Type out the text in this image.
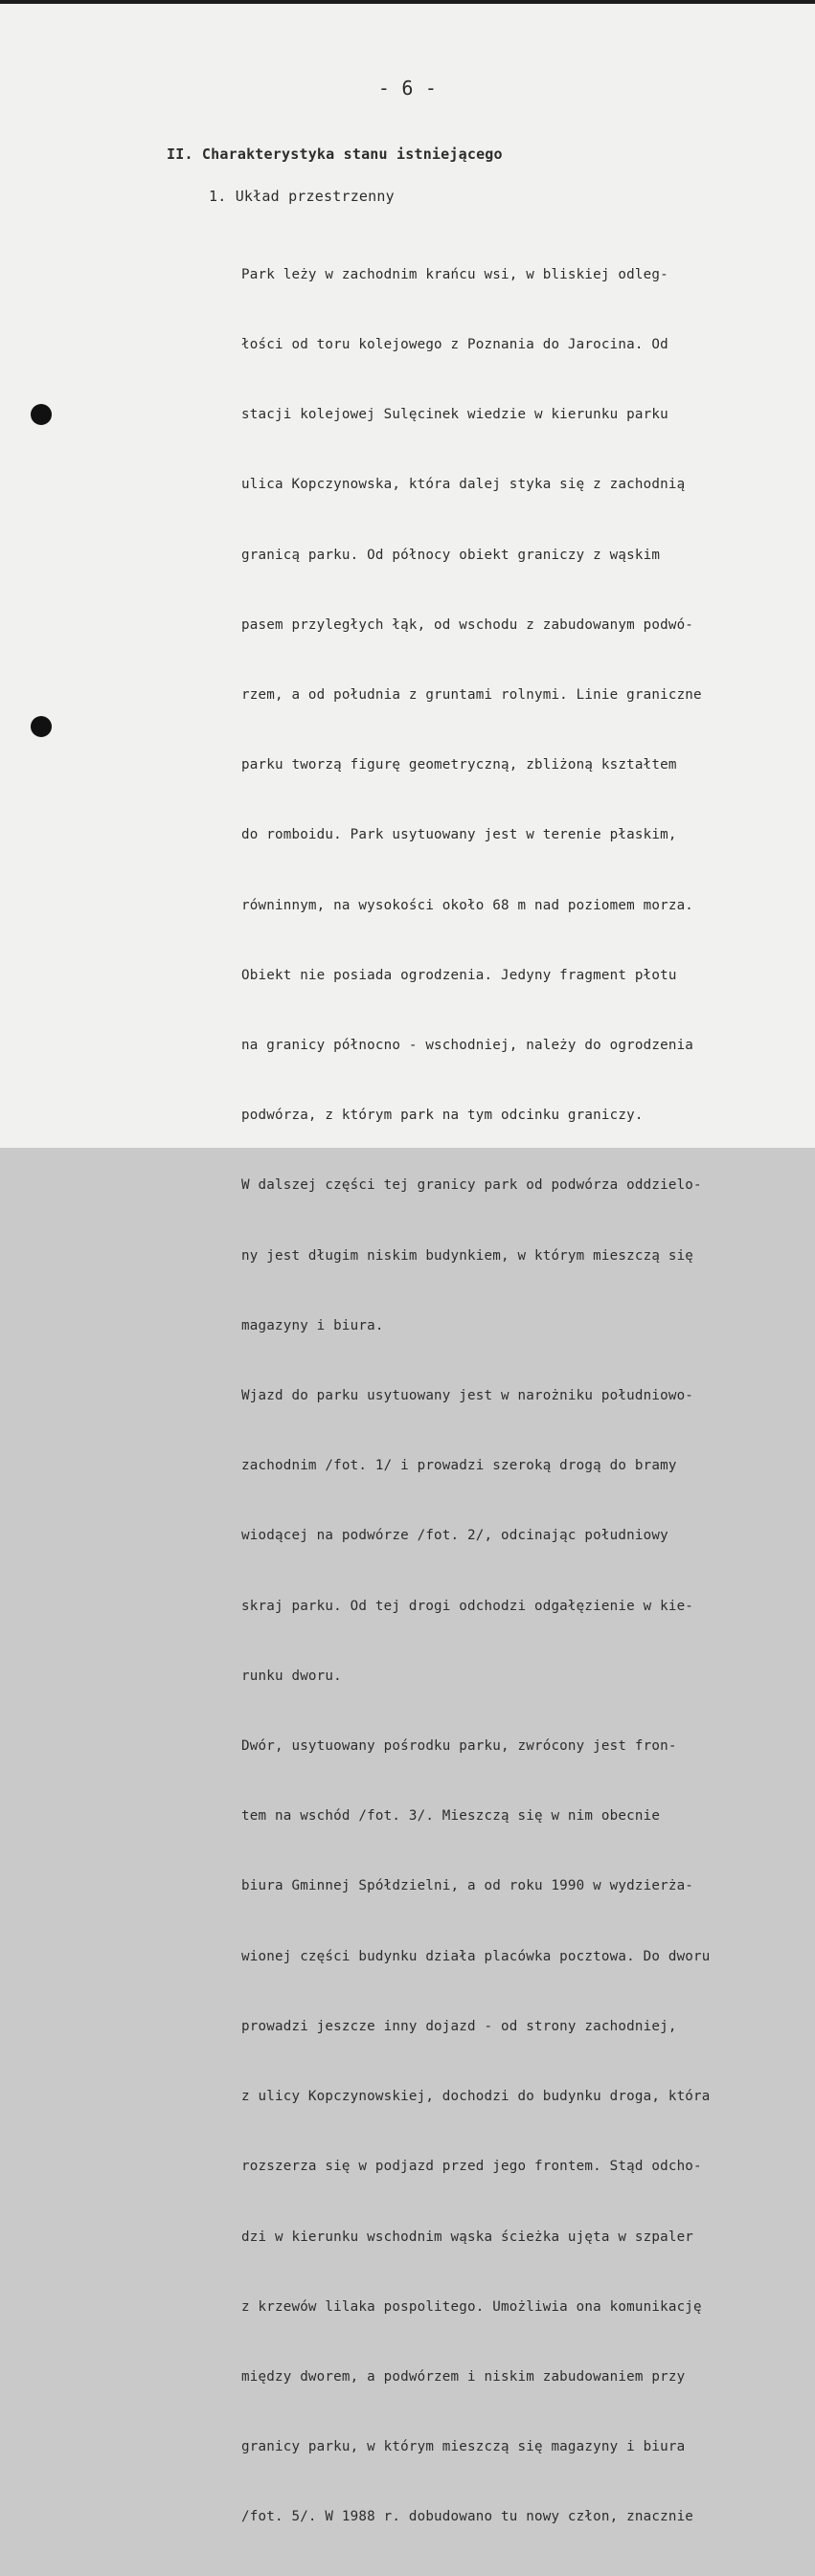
- 6 -
II. Charakterystyka stanu istniejącego
1. Układ przestrzenny

Park leży w zachodnim krańcu wsi, w bliskiej odleg-

łości od toru kolejowego z Poznania do Jarocina. Od

stacji kolejowej Sulęcinek wiedzie w kierunku parku

ulica Kopczynowska, która dalej styka się z zachodnią

granicą parku. Od północy obiekt graniczy z wąskim

pasem przyległych łąk, od wschodu z zabudowanym podwó-

rzem, a od południa z gruntami rolnymi. Linie graniczne

parku tworzą figurę geometryczną, zbliżoną kształtem

do romboidu. Park usytuowany jest w terenie płaskim,

równinnym, na wysokości około 68 m nad poziomem morza.

Obiekt nie posiada ogrodzenia. Jedyny fragment płotu

na granicy północno - wschodniej, należy do ogrodzenia

podwórza, z którym park na tym odcinku graniczy.

W dalszej części tej granicy park od podwórza oddzielo-

ny jest długim niskim budynkiem, w którym mieszczą się

magazyny i biura.

Wjazd do parku usytuowany jest w narożniku południowo-

zachodnim /fot. 1/ i prowadzi szeroką drogą do bramy

wiodącej na podwórze /fot. 2/, odcinając południowy

skraj parku. Od tej drogi odchodzi odgałęzienie w kie-

runku dworu.

Dwór, usytuowany pośrodku parku, zwrócony jest fron-

tem na wschód /fot. 3/. Mieszczą się w nim obecnie

biura Gminnej Spółdzielni, a od roku 1990 w wydzierża-

wionej części budynku działa placówka pocztowa. Do dworu

prowadzi jeszcze inny dojazd - od strony zachodniej,

z ulicy Kopczynowskiej, dochodzi do budynku droga, która

rozszerza się w podjazd przed jego frontem. Stąd odcho-

dzi w kierunku wschodnim wąska ścieżka ujęta w szpaler

z krzewów lilaka pospolitego. Umożliwia ona komunikację

między dworem, a podwórzem i niskim zabudowaniem przy

granicy parku, w którym mieszczą się magazyny i biura

/fot. 5/. W 1988 r. dobudowano tu nowy człon, znacznie
